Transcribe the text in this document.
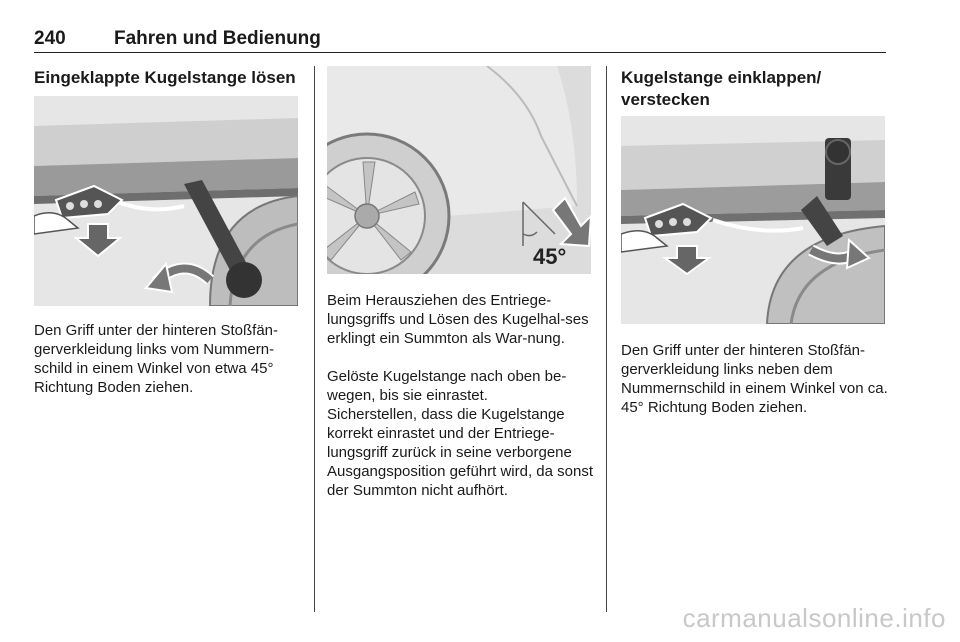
240	Fahren und Bedienung
Eingeklappte Kugelstange lösen

Den Griff unter der hinteren Stoßfän-gerverkleidung links vom Nummern-schild in einem Winkel von etwa 45° Richtung Boden ziehen.

45°

Beim Herausziehen des Entriege-lungsgriffs und Lösen des Kugelhal-ses erklingt ein Summton als War-nung.

Gelöste Kugelstange nach oben be-wegen, bis sie einrastet.

Sicherstellen, dass die Kugelstange korrekt einrastet und der Entriege-lungsgriff zurück in seine verborgene Ausgangsposition geführt wird, da sonst der Summton nicht aufhört.

Kugelstange einklappen/
verstecken

Den Griff unter der hinteren Stoßfän-gerverkleidung links neben dem Nummernschild in einem Winkel von ca. 45° Richtung Boden ziehen.

carmanualsonline.info
